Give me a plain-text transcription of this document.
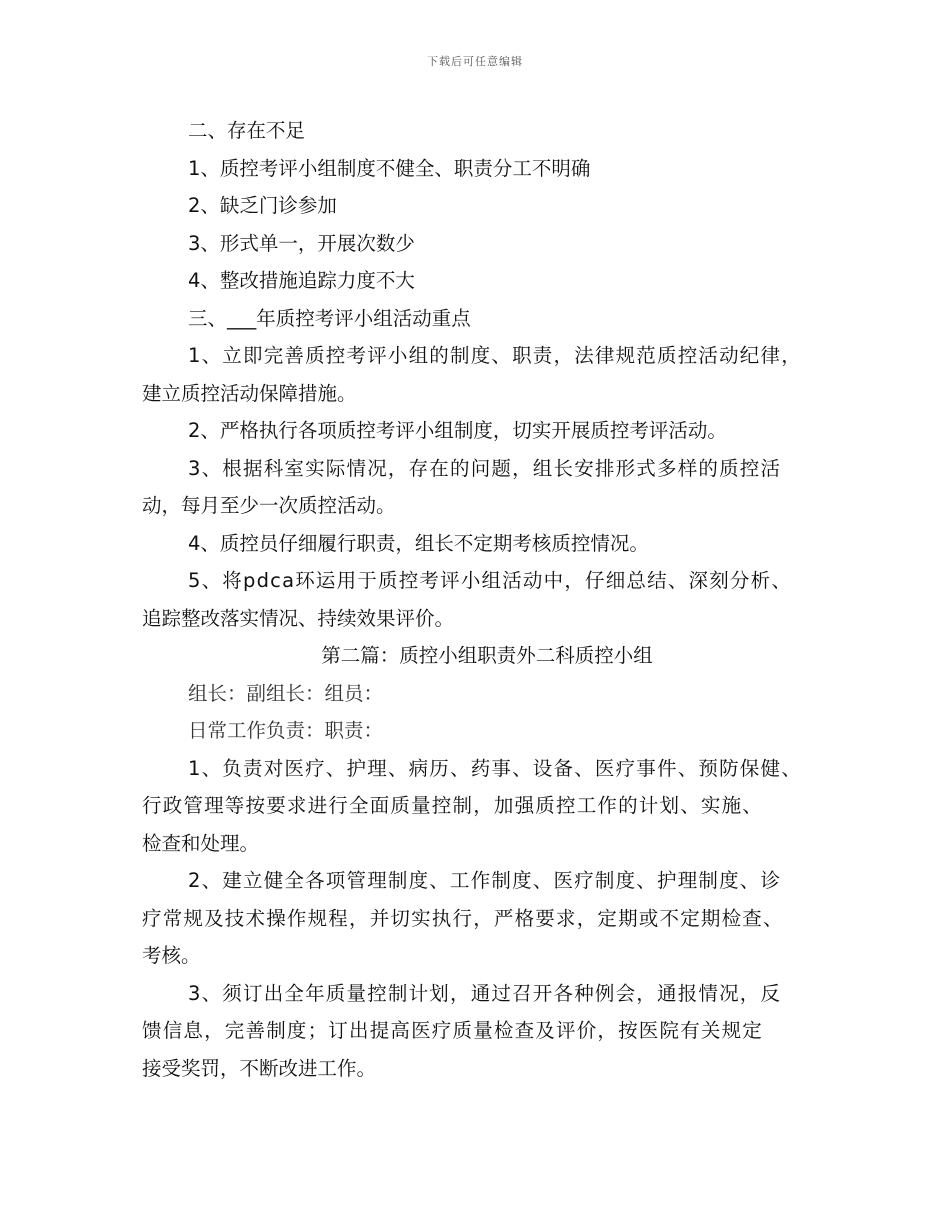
下载后可任意编辑
二、存在不足
1、质控考评小组制度不健全、职责分工不明确
2、缺乏门诊参加
3、形式单一，开展次数少
4、整改措施追踪力度不大
三、___年质控考评小组活动重点
1、立即完善质控考评小组的制度、职责，法律规范质控活动纪律，
建立质控活动保障措施。
2、严格执行各项质控考评小组制度，切实开展质控考评活动。
3、根据科室实际情况，存在的问题，组长安排形式多样的质控活
动，每月至少一次质控活动。
4、质控员仔细履行职责，组长不定期考核质控情况。
5、将pdca环运用于质控考评小组活动中，仔细总结、深刻分析、
追踪整改落实情况、持续效果评价。
第二篇：质控小组职责外二科质控小组
组长：副组长：组员：
日常工作负责：职责：
1、负责对医疗、护理、病历、药事、设备、医疗事件、预防保健、
行政管理等按要求进行全面质量控制，加强质控工作的计划、实施、
检查和处理。
2、建立健全各项管理制度、工作制度、医疗制度、护理制度、诊
疗常规及技术操作规程，并切实执行，严格要求，定期或不定期检查、
考核。
3、须订出全年质量控制计划，通过召开各种例会，通报情况，反
馈信息，完善制度；订出提高医疗质量检查及评价，按医院有关规定
接受奖罚，不断改进工作。
